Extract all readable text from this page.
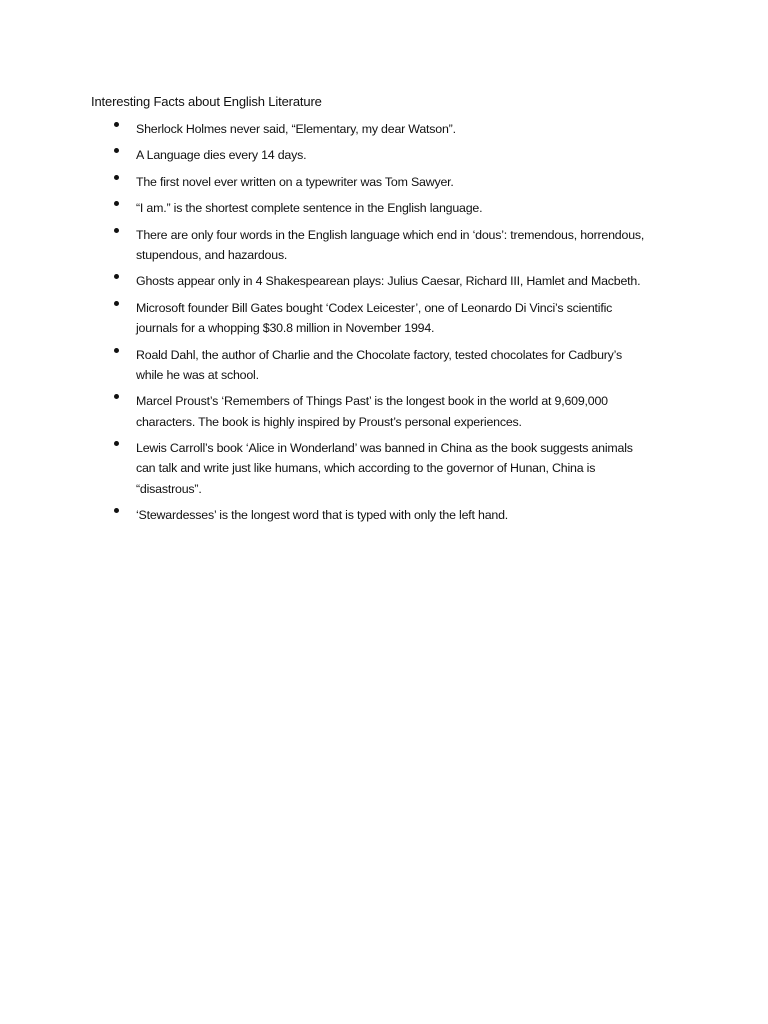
Interesting Facts about English Literature
Sherlock Holmes never said, “Elementary, my dear Watson”.
A Language dies every 14 days.
The first novel ever written on a typewriter was Tom Sawyer.
“I am.” is the shortest complete sentence in the English language.
There are only four words in the English language which end in ‘dous’: tremendous, horrendous,
stupendous, and hazardous.
Ghosts appear only in 4 Shakespearean plays: Julius Caesar, Richard III, Hamlet and Macbeth.
Microsoft founder Bill Gates bought ‘Codex Leicester’, one of Leonardo Di Vinci’s scientific
journals for a whopping $30.8 million in November 1994.
Roald Dahl, the author of Charlie and the Chocolate factory, tested chocolates for Cadbury’s
while he was at school.
Marcel Proust’s ‘Remembers of Things Past’ is the longest book in the world at 9,609,000
characters. The book is highly inspired by Proust’s personal experiences.
Lewis Carroll’s book ‘Alice in Wonderland’ was banned in China as the book suggests animals
can talk and write just like humans, which according to the governor of Hunan, China is
“disastrous”.
‘Stewardesses’ is the longest word that is typed with only the left hand.
